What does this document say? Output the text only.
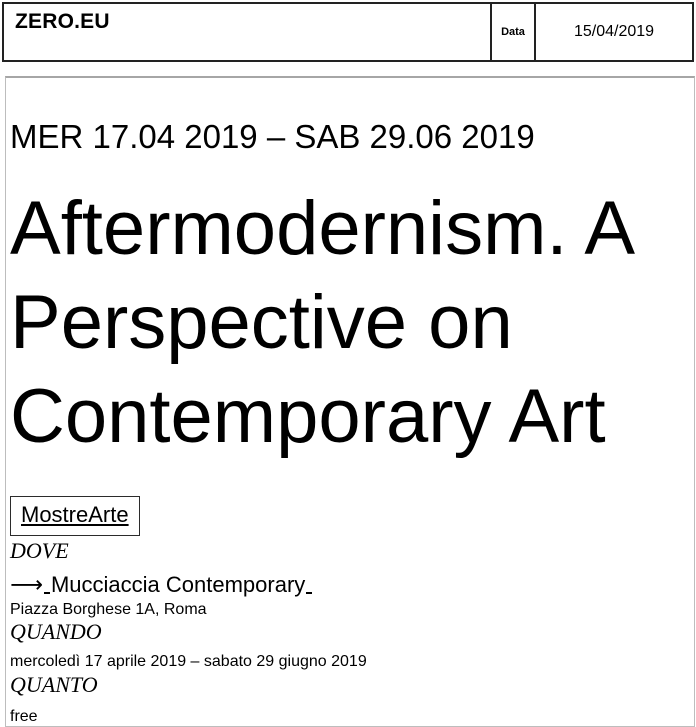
ZERO.EU	Data	15/04/2019
MER 17.04 2019 – SAB 29.06 2019
Aftermodernism. A Perspective on Contemporary Art
MostreArte
DOVE
⟶ Mucciaccia Contemporary
Piazza Borghese 1A, Roma
QUANDO
mercoledì 17 aprile 2019 – sabato 29 giugno 2019
QUANTO
free
